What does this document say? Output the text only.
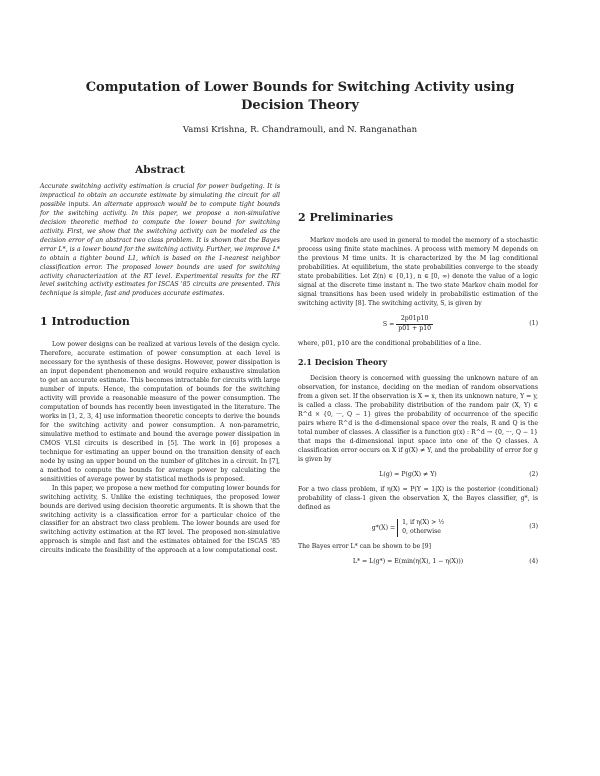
Computation of Lower Bounds for Switching Activity using Decision Theory
Vamsi Krishna, R. Chandramouli, and N. Ranganathan
Abstract

Accurate switching activity estimation is crucial for power budgeting. It is impractical to obtain an accurate estimate by simulating the circuit for all possible inputs. An alternate approach would be to compute tight bounds for the switching activity. In this paper, we propose a non-simulative decision theoretic method to compute the lower bound for switching activity. First, we show that the switching activity can be modeled as the decision error of an abstract two class problem. It is shown that the Bayes error L*, is a lower bound for the switching activity. Further, we improve L* to obtain a tighter bound L1, which is based on the 1-nearest neighbor classification error. The proposed lower bounds are used for switching activity characterization at the RT level. Experimental results for the RT level switching activity estimates for ISCAS '85 circuits are presented. This technique is simple, fast and produces accurate estimates.

1 Introduction

Low power designs can be realized at various levels of the design cycle. Therefore, accurate estimation of power consumption at each level is necessary for the synthesis of these designs. However, power dissipation is an input dependent phenomenon and would require exhaustive simulation to get an accurate estimate. This becomes intractable for circuits with large number of inputs. Hence, the computation of bounds for the switching activity will provide a reasonable measure of the power consumption. The computation of bounds has recently been investigated in the literature. The works in [1, 2, 3, 4] use information theoretic concepts to derive the bounds for the switching activity and power consumption. A non-parametric, simulative method to estimate and bound the average power dissipation in CMOS VLSI circuits is described in [5]. The work in [6] proposes a technique for estimating an upper bound on the transition density of each node by using an upper bound on the number of glitches in a circuit. In [7], a method to compute the bounds for average power by calculating the sensitivities of average power by statistical methods is proposed.

In this paper, we propose a new method for computing lower bounds for switching activity, S. Unlike the existing techniques, the proposed lower bounds are derived using decision theoretic arguments. It is shown that the switching activity is a classification error for a particular choice of the classifier for an abstract two class problem. The lower bounds are used for switching activity estimation at the RT level. The proposed non-simulative approach is simple and fast and the estimates obtained for the ISCAS '85 circuits indicate the feasibility of the approach at a low computational cost.

2 Preliminaries

Markov models are used in general to model the memory of a stochastic process using finite state machines. A process with memory M depends on the previous M time units. It is characterized by the M lag conditional probabilities. At equilibrium, the state probabilities converge to the steady state probabilities. Let Z(n) ∈ {0,1}, n ∈ [0, ∞) denote the value of a logic signal at the discrete time instant n. The two state Markov chain model for signal transitions has been used widely in probabilistic estimation of the switching activity [8]. The switching activity, S, is given by

$S = \frac{2p01p10}{p01 + p10}$	(1)

where, p01, p10 are the conditional probabilities of a line.

2.1 Decision Theory

Decision theory is concerned with guessing the unknown nature of an observation, for instance, deciding on the median of random observations from a given set. If the observation is X = x, then its unknown nature, Y = y, is called a class. The probability distribution of the random pair (X, Y) ∈ R^d × {0, ···, Q − 1} gives the probability of occurrence of the specific pairs where R^d is the d-dimensional space over the reals, R and Q is the total number of classes. A classifier is a function g(x) : R^d → {0, ···, Q − 1} that maps the d-dimensional input space into one of the Q classes. A classification error occurs on X if g(X) ≠ Y, and the probability of error for g is given by

L(g) = P(g(X) ≠ Y)	(2)

For a two class problem, if η(X) = P(Y = 1|X) is the posterior (conditional) probability of class-1 given the observation X, the Bayes classifier, g*, is defined as

g*(X) = 1, if η(X) > ½
0, otherwise
(3)

The Bayes error L* can be shown to be [9]

L* = L(g*) = E(min(η(X), 1 − η(X)))	(4)
